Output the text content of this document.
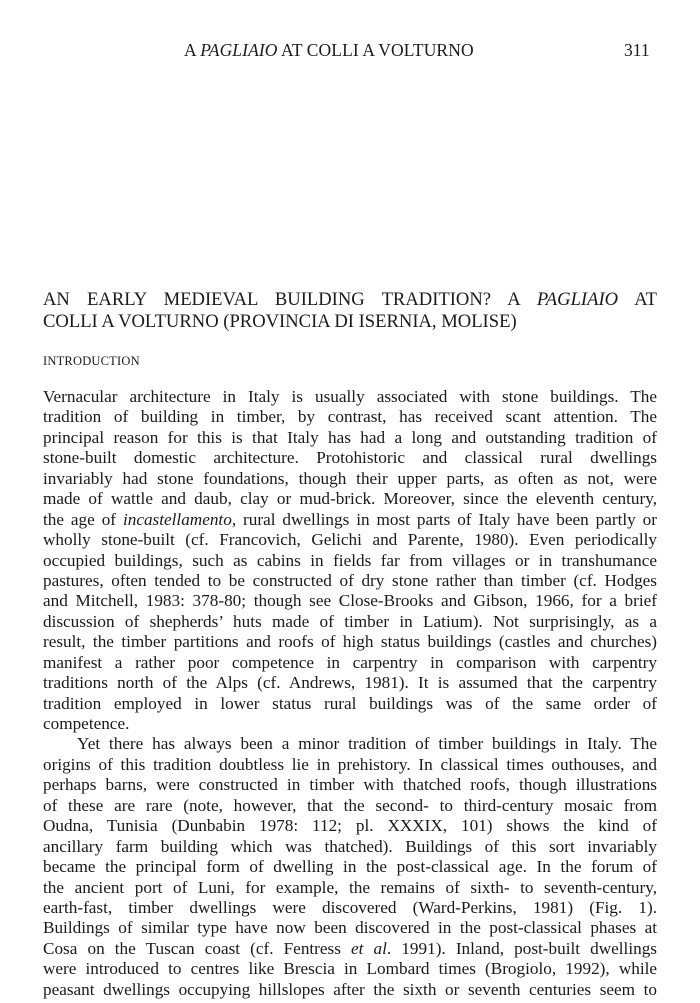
A PAGLIAIO AT COLLI A VOLTURNO	311
AN EARLY MEDIEVAL BUILDING TRADITION? A PAGLIAIO AT
COLLI A VOLTURNO (PROVINCIA DI ISERNIA, MOLISE)
INTRODUCTION
Vernacular architecture in Italy is usually associated with stone buildings. The
tradition of building in timber, by contrast, has received scant attention. The
principal reason for this is that Italy has had a long and outstanding tradition of
stone-built domestic architecture. Protohistoric and classical rural dwellings
invariably had stone foundations, though their upper parts, as often as not, were
made of wattle and daub, clay or mud-brick. Moreover, since the eleventh century,
the age of incastellamento, rural dwellings in most parts of Italy have been partly or
wholly stone-built (cf. Francovich, Gelichi and Parente, 1980). Even periodically
occupied buildings, such as cabins in fields far from villages or in transhumance
pastures, often tended to be constructed of dry stone rather than timber (cf. Hodges
and Mitchell, 1983: 378-80; though see Close-Brooks and Gibson, 1966, for a brief
discussion of shepherds’ huts made of timber in Latium). Not surprisingly, as a
result, the timber partitions and roofs of high status buildings (castles and churches)
manifest a rather poor competence in carpentry in comparison with carpentry
traditions north of the Alps (cf. Andrews, 1981). It is assumed that the carpentry
tradition employed in lower status rural buildings was of the same order of
competence.
Yet there has always been a minor tradition of timber buildings in Italy. The
origins of this tradition doubtless lie in prehistory. In classical times outhouses, and
perhaps barns, were constructed in timber with thatched roofs, though illustrations
of these are rare (note, however, that the second- to third-century mosaic from
Oudna, Tunisia (Dunbabin 1978: 112; pl. XXXIX, 101) shows the kind of
ancillary farm building which was thatched). Buildings of this sort invariably
became the principal form of dwelling in the post-classical age. In the forum of
the ancient port of Luni, for example, the remains of sixth- to seventh-century,
earth-fast, timber dwellings were discovered (Ward-Perkins, 1981) (Fig. 1).
Buildings of similar type have now been discovered in the post-classical phases at
Cosa on the Tuscan coast (cf. Fentress et al. 1991). Inland, post-built dwellings
were introduced to centres like Brescia in Lombard times (Brogiolo, 1992), while
peasant dwellings occupying hillslopes after the sixth or seventh centuries seem to
